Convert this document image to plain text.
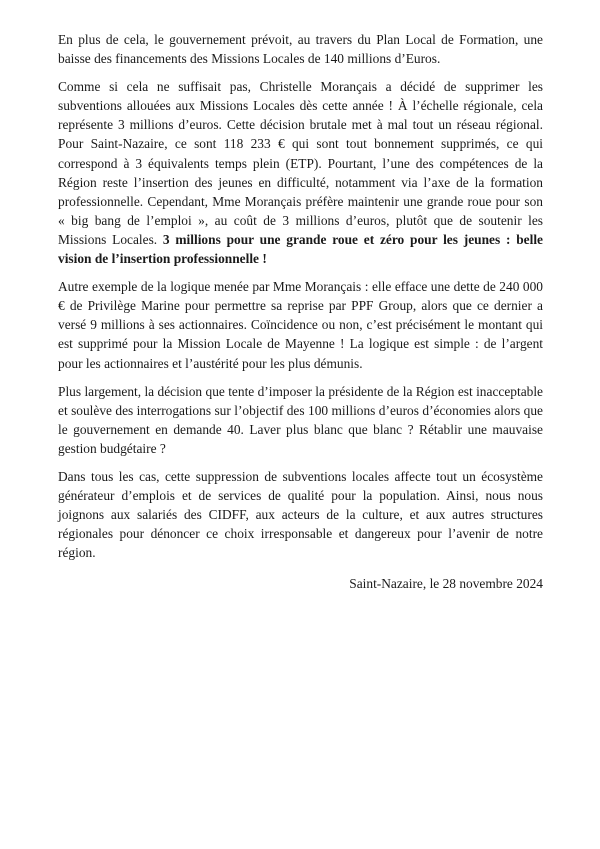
En plus de cela, le gouvernement prévoit, au travers du Plan Local de Formation, une baisse des financements des Missions Locales de 140 millions d’Euros.

Comme si cela ne suffisait pas, Christelle Morançais a décidé de supprimer les subventions allouées aux Missions Locales dès cette année ! À l’échelle régionale, cela représente 3 millions d’euros. Cette décision brutale met à mal tout un réseau régional. Pour Saint-Nazaire, ce sont 118 233 € qui sont tout bonnement supprimés, ce qui correspond à 3 équivalents temps plein (ETP). Pourtant, l’une des compétences de la Région reste l’insertion des jeunes en difficulté, notamment via l’axe de la formation professionnelle. Cependant, Mme Morançais préfère maintenir une grande roue pour son « big bang de l’emploi », au coût de 3 millions d’euros, plutôt que de soutenir les Missions Locales. 3 millions pour une grande roue et zéro pour les jeunes : belle vision de l’insertion professionnelle !

Autre exemple de la logique menée par Mme Morançais : elle efface une dette de 240 000 € de Privilège Marine pour permettre sa reprise par PPF Group, alors que ce dernier a versé 9 millions à ses actionnaires. Coïncidence ou non, c’est précisément le montant qui est supprimé pour la Mission Locale de Mayenne ! La logique est simple : de l’argent pour les actionnaires et l’austérité pour les plus démunis.

Plus largement, la décision que tente d’imposer la présidente de la Région est inacceptable et soulève des interrogations sur l’objectif des 100 millions d’euros d’économies alors que le gouvernement en demande 40. Laver plus blanc que blanc ? Rétablir une mauvaise gestion budgétaire ?

Dans tous les cas, cette suppression de subventions locales affecte tout un écosystème générateur d’emplois et de services de qualité pour la population. Ainsi, nous nous joignons aux salariés des CIDFF, aux acteurs de la culture, et aux autres structures régionales pour dénoncer ce choix irresponsable et dangereux pour l’avenir de notre région.

Saint-Nazaire, le 28 novembre 2024
